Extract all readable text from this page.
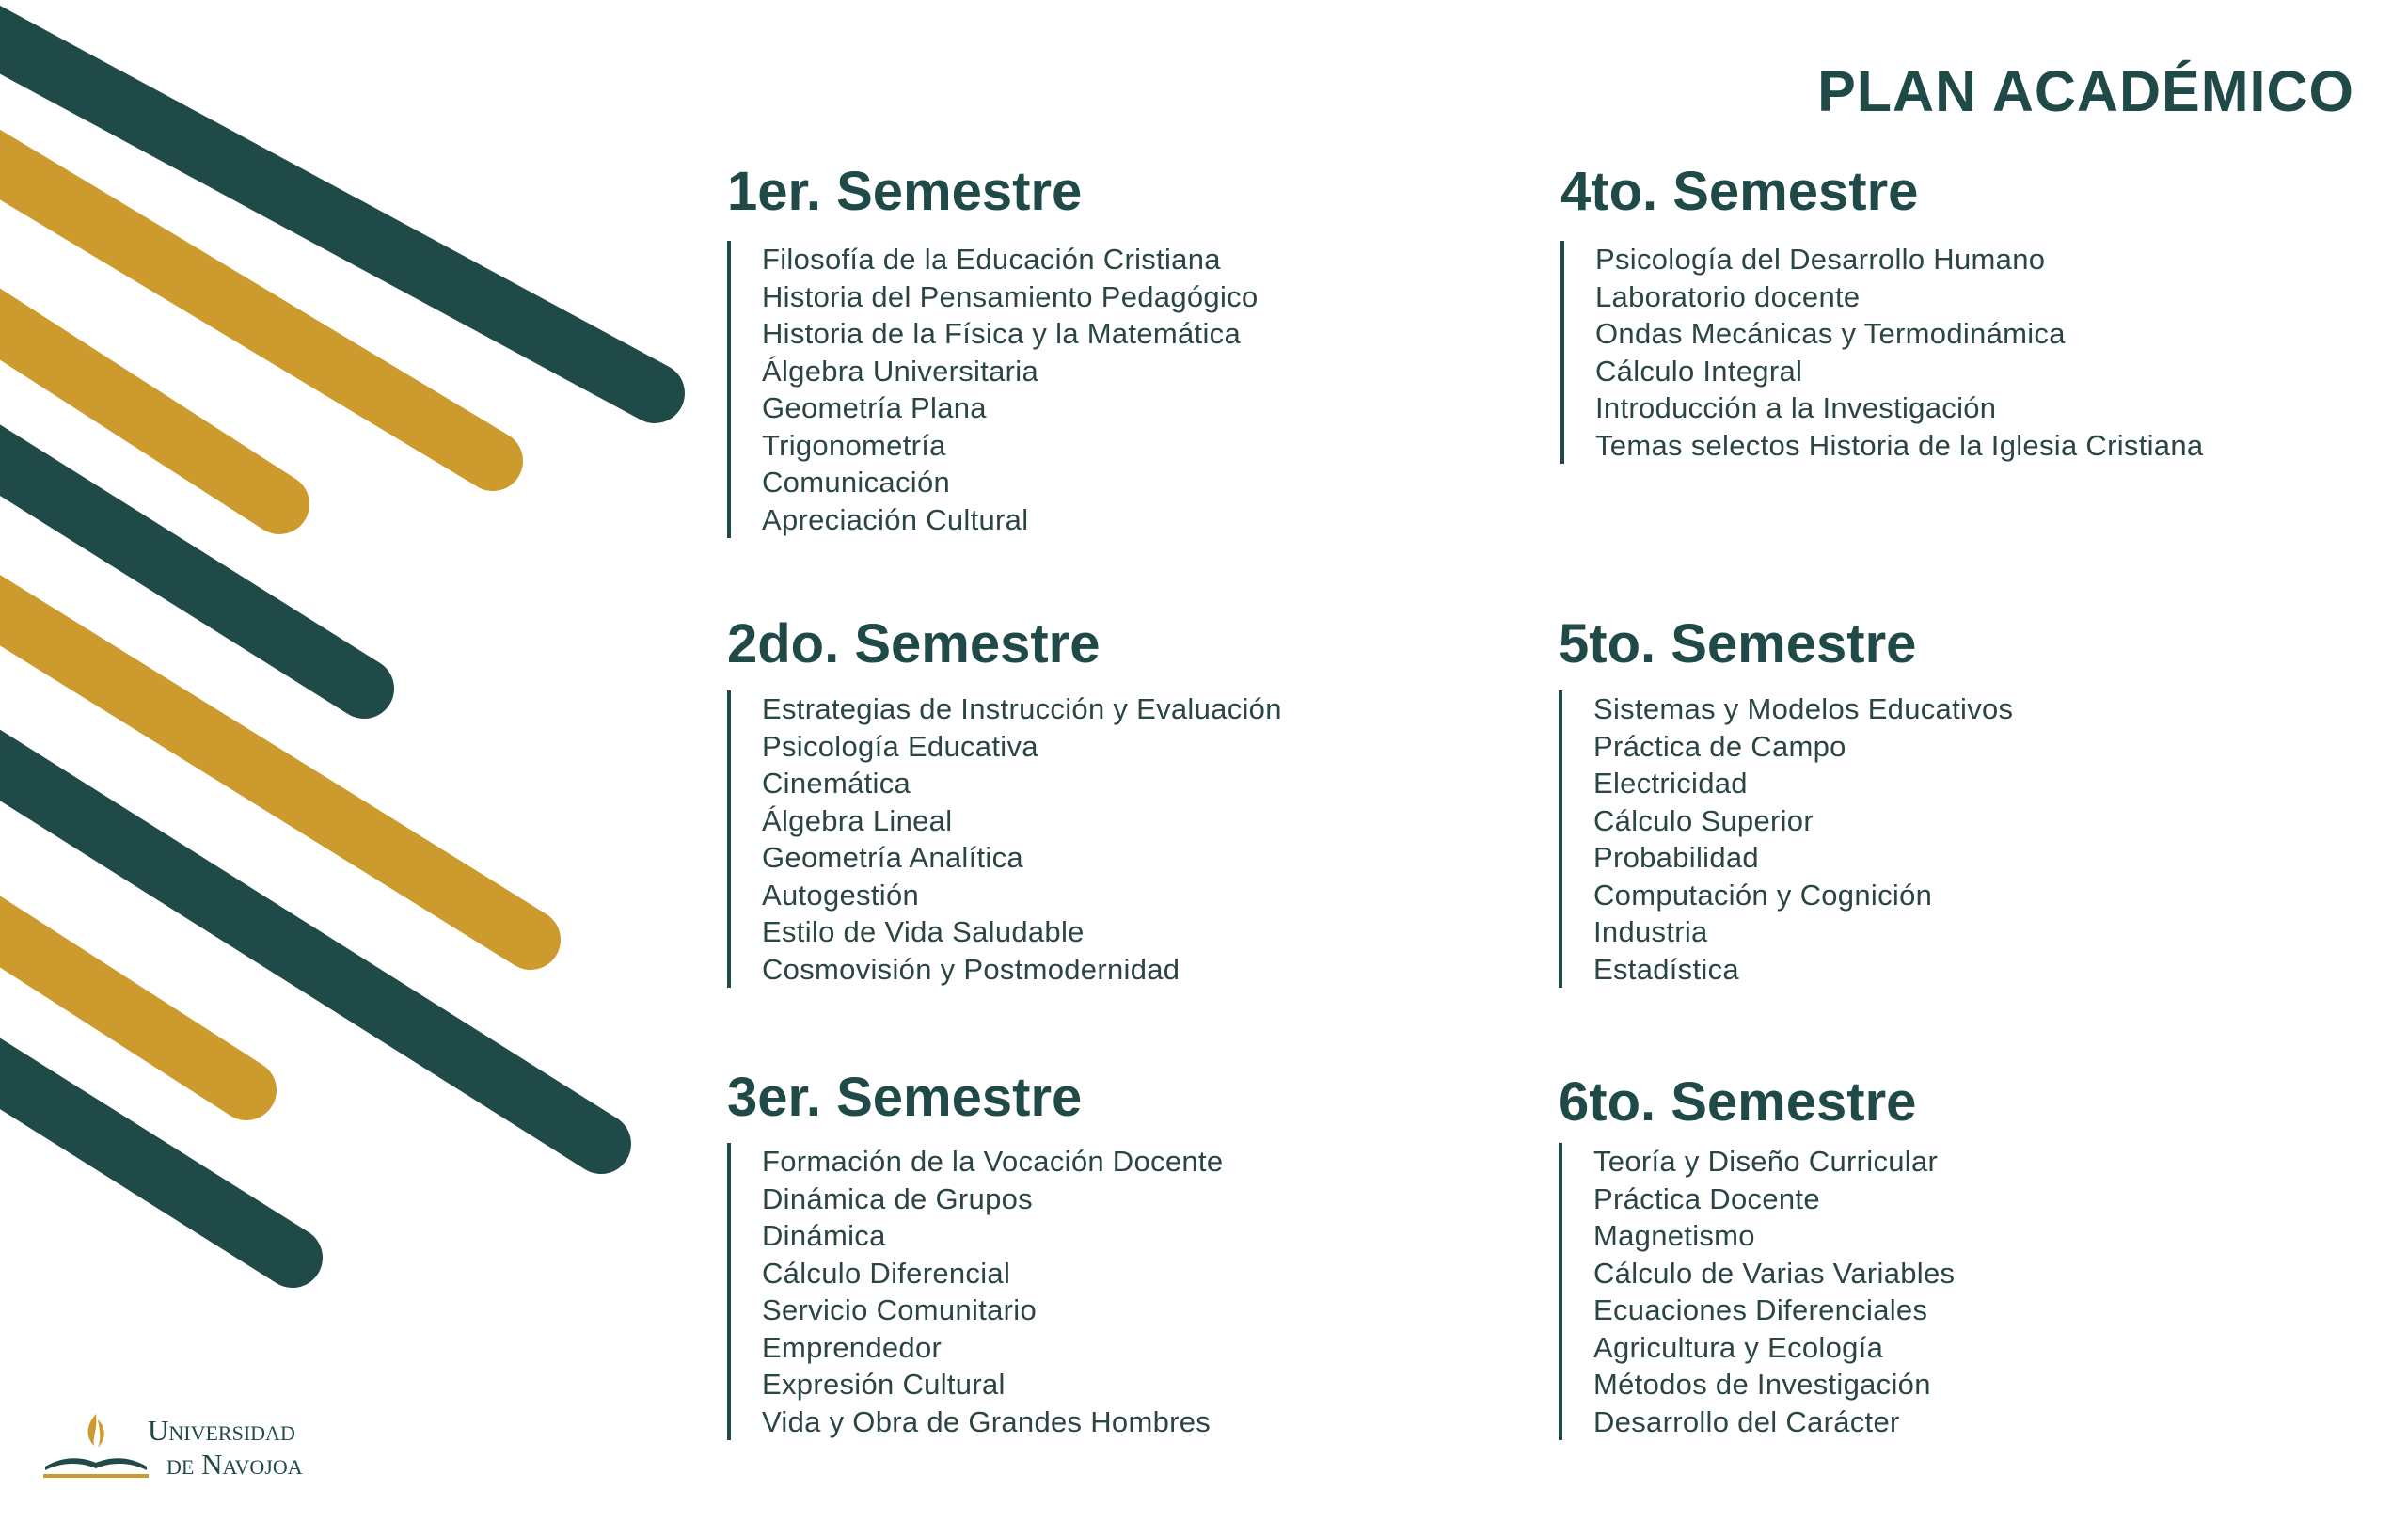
PLAN ACADÉMICO
1er. Semestre
Filosofía de la Educación Cristiana
Historia del Pensamiento Pedagógico
Historia de la Física y la Matemática
Álgebra Universitaria
Geometría Plana
Trigonometría
Comunicación
Apreciación Cultural
2do. Semestre
Estrategias de Instrucción y Evaluación
Psicología Educativa
Cinemática
Álgebra Lineal
Geometría Analítica
Autogestión
Estilo de Vida Saludable
Cosmovisión y Postmodernidad
3er. Semestre
Formación de la Vocación Docente
Dinámica de Grupos
Dinámica
Cálculo Diferencial
Servicio Comunitario
Emprendedor
Expresión Cultural
Vida y Obra de Grandes Hombres
4to. Semestre
Psicología del Desarrollo Humano
Laboratorio docente
Ondas Mecánicas y Termodinámica
Cálculo Integral
Introducción a la Investigación
Temas selectos Historia de la Iglesia Cristiana
5to. Semestre
Sistemas y Modelos Educativos
Práctica de Campo
Electricidad
Cálculo Superior
Probabilidad
Computación y Cognición
Industria
Estadística
6to. Semestre
Teoría y Diseño Curricular
Práctica Docente
Magnetismo
Cálculo de Varias Variables
Ecuaciones Diferenciales
Agricultura y Ecología
Métodos de Investigación
Desarrollo del Carácter
Universidad
de Navojoa
